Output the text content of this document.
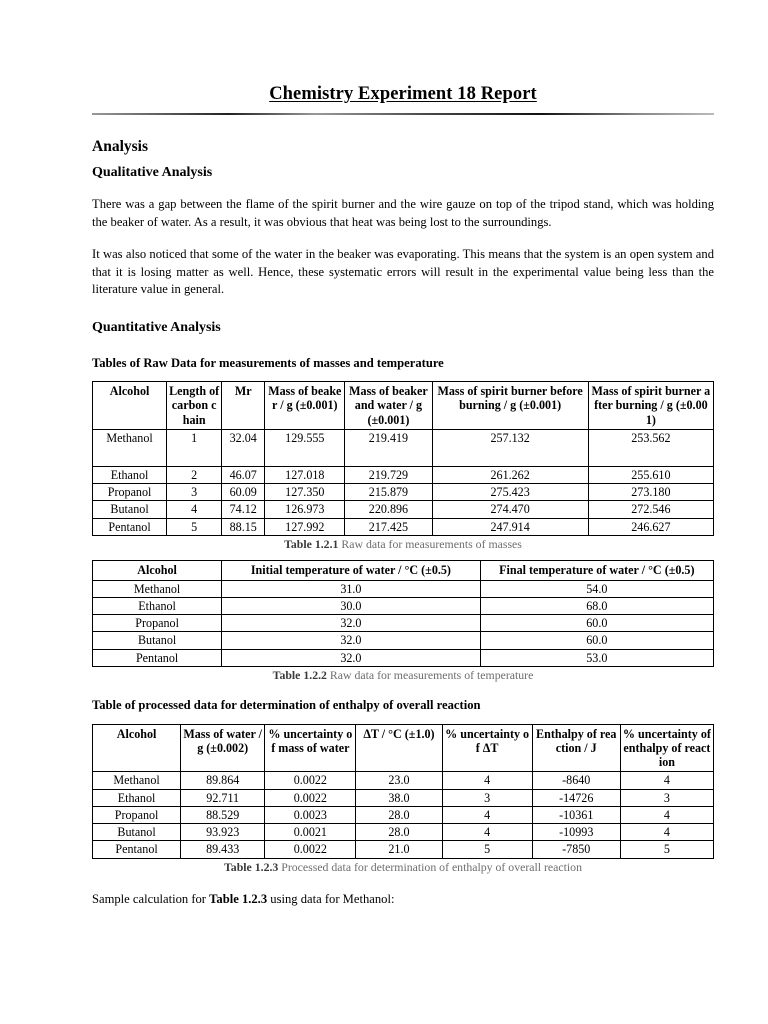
Chemistry Experiment 18 Report
Analysis
Qualitative Analysis

There was a gap between the flame of the spirit burner and the wire gauze on top of the tripod stand, which was holding the beaker of water. As a result, it was obvious that heat was being lost to the surroundings.

It was also noticed that some of the water in the beaker was evaporating. This means that the system is an open system and that it is losing matter as well. Hence, these systematic errors will result in the experimental value being less than the literature value in general.

Quantitative Analysis
Tables of Raw Data for measurements of masses and temperature
Alcohol	Length of carbon chain	Mr	Mass of beaker / g (±0.001)	Mass of beaker and water / g (±0.001)	Mass of spirit burner before burning / g (±0.001)	Mass of spirit burner after burning / g (±0.001)
Methanol	1	32.04	129.555	219.419	257.132	253.562
Ethanol	2	46.07	127.018	219.729	261.262	255.610
Propanol	3	60.09	127.350	215.879	275.423	273.180
Butanol	4	74.12	126.973	220.896	274.470	272.546
Pentanol	5	88.15	127.992	217.425	247.914	246.627

Table 1.2.1 Raw data for measurements of masses

Alcohol	Initial temperature of water / °C (±0.5)	Final temperature of water / °C (±0.5)
Methanol	31.0	54.0
Ethanol	30.0	68.0
Propanol	32.0	60.0
Butanol	32.0	60.0
Pentanol	32.0	53.0

Table 1.2.2 Raw data for measurements of temperature

Table of processed data for determination of enthalpy of overall reaction
Alcohol	Mass of water / g (±0.002)	% uncertainty of mass of water	ΔT / °C (±1.0)	% uncertainty of ΔT	Enthalpy of reaction / J	% uncertainty of enthalpy of reaction
Methanol	89.864	0.0022	23.0	4	-8640	4
Ethanol	92.711	0.0022	38.0	3	-14726	3
Propanol	88.529	0.0023	28.0	4	-10361	4
Butanol	93.923	0.0021	28.0	4	-10993	4
Pentanol	89.433	0.0022	21.0	5	-7850	5

Table 1.2.3 Processed data for determination of enthalpy of overall reaction

Sample calculation for Table 1.2.3 using data for Methanol:
